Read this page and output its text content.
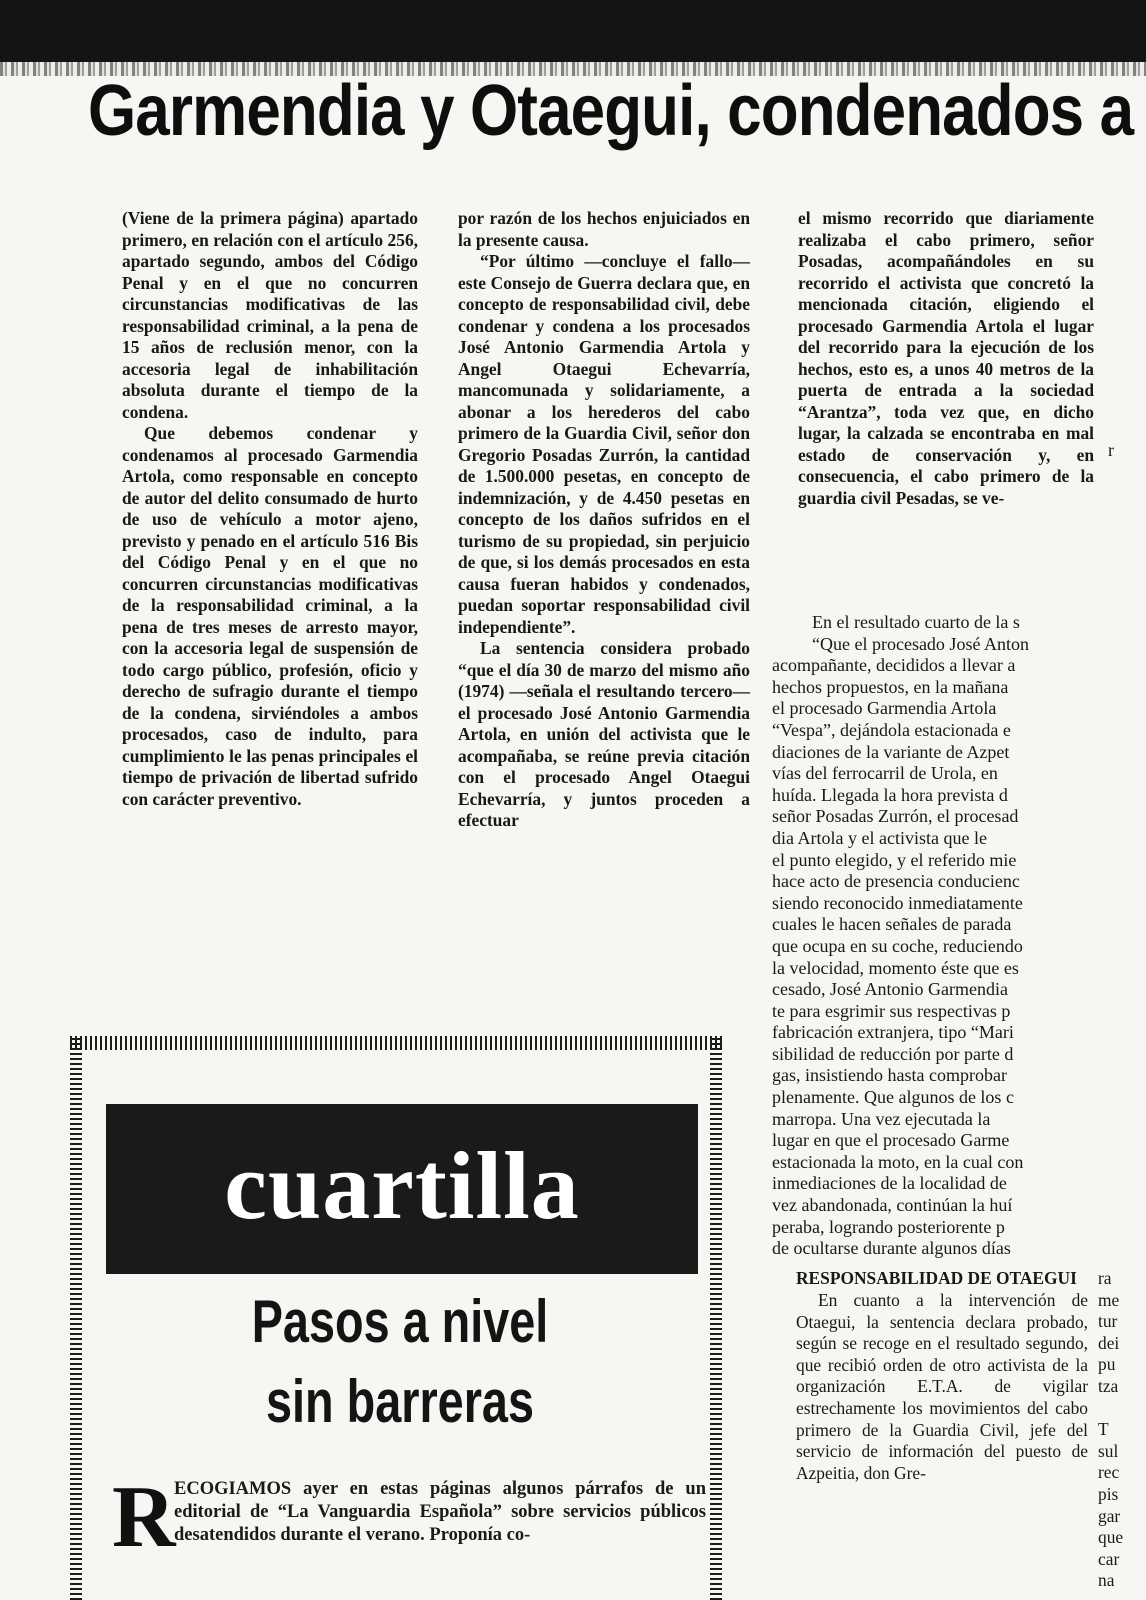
Garmendia y Otaegui, condenados a

(Viene de la primera página) apartado primero, en relación con el artículo 256, apartado segundo, ambos del Código Penal y en el que no concurren circunstancias modificativas de las responsabilidad criminal, a la pena de 15 años de reclusión menor, con la accesoria legal de inhabilitación absoluta durante el tiempo de la condena.

Que debemos condenar y condenamos al procesado Garmendia Artola, como responsable en concepto de autor del delito consumado de hurto de uso de vehículo a motor ajeno, previsto y penado en el artículo 516 Bis del Código Penal y en el que no concurren circunstancias modificativas de la responsabilidad criminal, a la pena de tres meses de arresto mayor, con la accesoria legal de suspensión de todo cargo público, profesión, oficio y derecho de sufragio durante el tiempo de la condena, sirviéndoles a ambos procesados, caso de indulto, para cumplimiento le las penas principales el tiempo de privación de libertad sufrido con carácter preventivo.

por razón de los hechos enjuiciados en la presente causa.

“Por último —concluye el fallo— este Consejo de Guerra declara que, en concepto de responsabilidad civil, debe condenar y condena a los procesados José Antonio Garmendia Artola y Angel Otaegui Echevarría, mancomunada y solidariamente, a abonar a los herederos del cabo primero de la Guardia Civil, señor don Gregorio Posadas Zurrón, la cantidad de 1.500.000 pesetas, en concepto de indemnización, y de 4.450 pesetas en concepto de los daños sufridos en el turismo de su propiedad, sin perjuicio de que, si los demás procesados en esta causa fueran habidos y condenados, puedan soportar responsabilidad civil independiente”.

La sentencia considera probado “que el día 30 de marzo del mismo año (1974) —señala el resultando tercero— el procesado José Antonio Garmendia Artola, en unión del activista que le acompañaba, se reúne previa citación con el procesado Angel Otaegui Echevarría, y juntos proceden a efectuar

el mismo recorrido que diariamente realizaba el cabo primero, señor Posadas, acompañándoles en su recorrido el activista que concretó la mencionada citación, eligiendo el procesado Garmendia Artola el lugar del recorrido para la ejecución de los hechos, esto es, a unos 40 metros de la puerta de entrada a la sociedad “Arantza”, toda vez que, en dicho lugar, la calzada se encontraba en mal estado de conservación y, en consecuencia, el cabo primero de la guardia civil Pesadas, se ve-

r

En el resultado cuarto de la s

“Que el procesado José Anton

acompañante, decididos a llevar a

hechos propuestos, en la mañana

el procesado Garmendia Artola

“Vespa”, dejándola estacionada e

diaciones de la variante de Azpet

vías del ferrocarril de Urola, en

huída. Llegada la hora prevista d

señor Posadas Zurrón, el procesad

dia Artola y el activista que le

el punto elegido, y el referido mie

hace acto de presencia conducienc

siendo reconocido inmediatamente

cuales le hacen señales de parada

que ocupa en su coche, reduciendo

la velocidad, momento éste que es

cesado, José Antonio Garmendia

te para esgrimir sus respectivas p

fabricación extranjera, tipo “Mari

sibilidad de reducción por parte d

gas, insistiendo hasta comprobar

plenamente. Que algunos de los c

marropa. Una vez ejecutada la

lugar en que el procesado Garme

estacionada la moto, en la cual con

inmediaciones de la localidad de

vez abandonada, continúan la huí

peraba, logrando posteriorente p

de ocultarse durante algunos días

RESPONSABILIDAD DE OTAEGUI

En cuanto a la intervención de Otaegui, la sentencia declara probado, según se recoge en el resultado segundo, que recibió orden de otro activista de la organización E.T.A. de vigilar estrechamente los movimientos del cabo primero de la Guardia Civil, jefe del servicio de información del puesto de Azpeitia, don Gre-

ra
me
tur
dei
pu
tza

T
sul
rec
pis
gar
que
car
na
cuartilla
Pasos a nivel
sin barreras
R

ECOGIAMOS ayer en estas páginas algunos párrafos de un editorial de “La Vanguardia Española” sobre servicios públicos desatendidos durante el verano. Proponía co-
